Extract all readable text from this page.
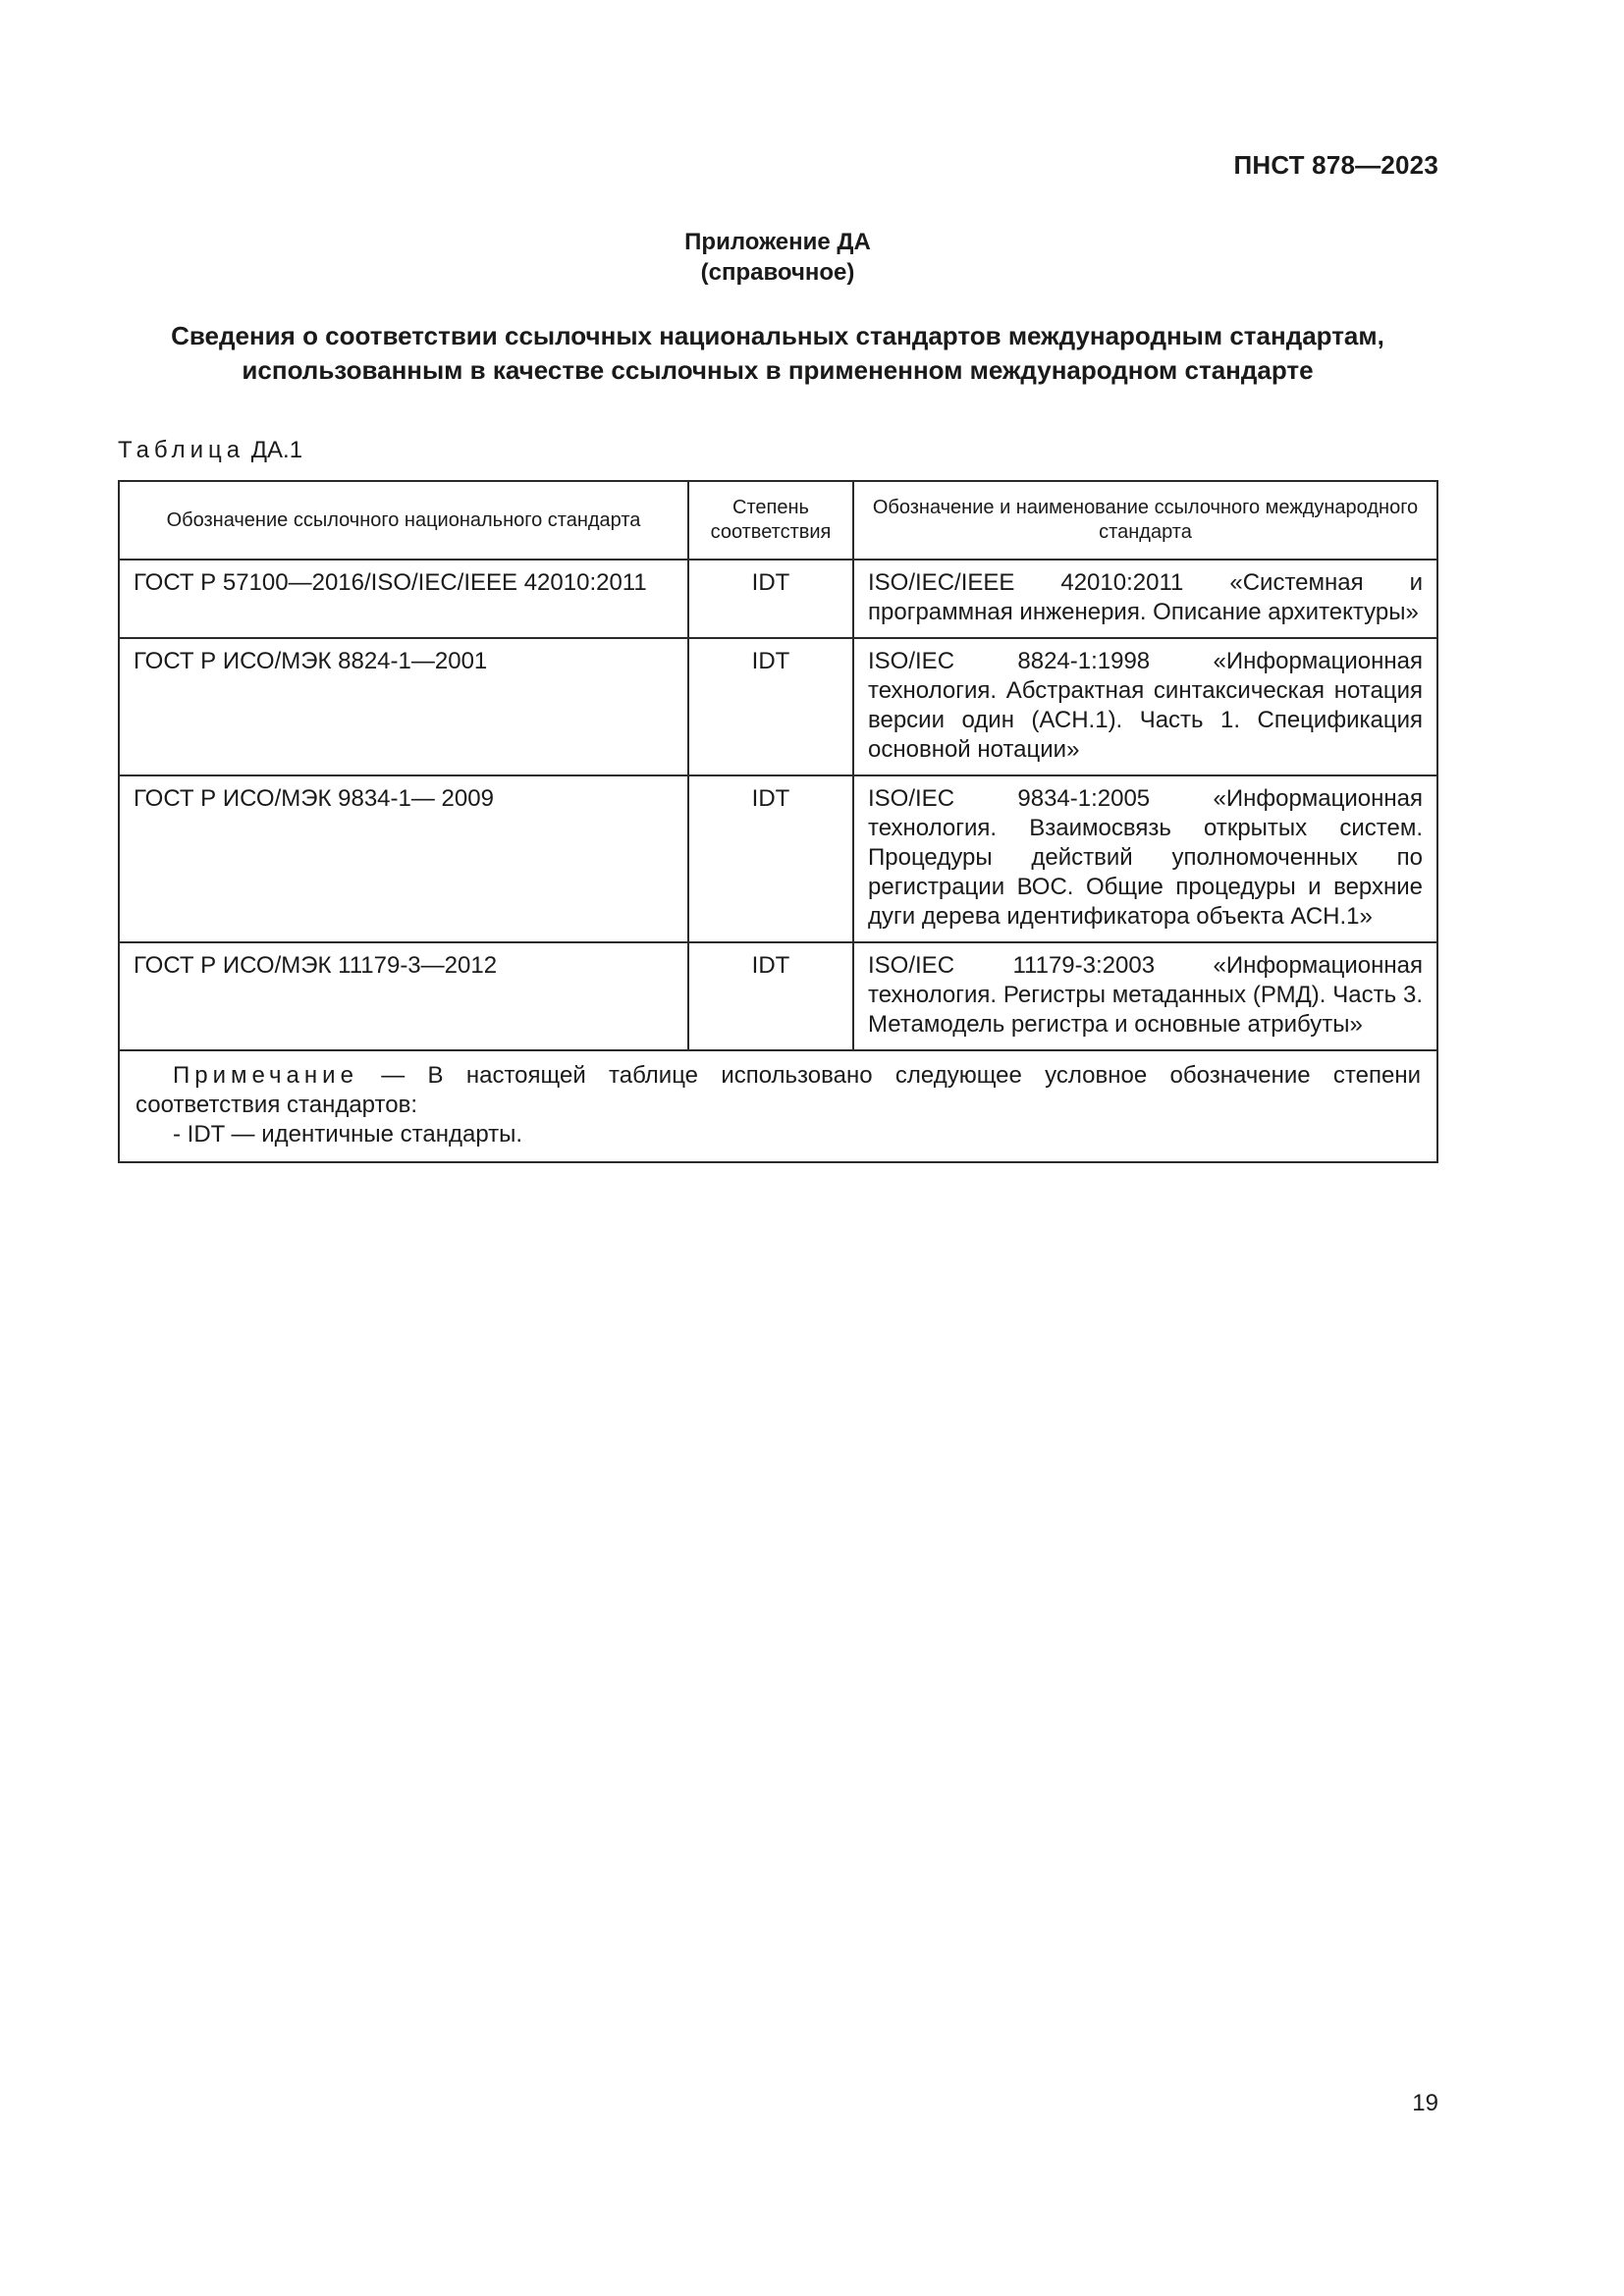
ПНСТ 878—2023
Приложение ДА
(справочное)
Сведения о соответствии ссылочных национальных стандартов международным стандартам,
использованным в качестве ссылочных в примененном международном стандарте
Таблица ДА.1
Обозначение ссылочного национального стандарта	Степень соответствия	Обозначение и наименование ссылочного международного стандарта
ГОСТ Р 57100—2016/ISO/IEC/IEEE 42010:2011	IDT	ISO/IEC/IEEE 42010:2011 «Системная и программная инженерия. Описание архитектуры»
ГОСТ Р ИСО/МЭК 8824-1—2001	IDT	ISO/IEC 8824-1:1998 «Информационная технология. Абстрактная синтаксическая нотация версии один (АСН.1). Часть 1. Спецификация основной нотации»
ГОСТ Р ИСО/МЭК 9834-1— 2009	IDT	ISO/IEC 9834-1:2005 «Информационная технология. Взаимосвязь открытых систем. Процедуры действий уполномоченных по регистрации ВОС. Общие процедуры и верхние дуги дерева идентификатора объекта АСН.1»
ГОСТ Р ИСО/МЭК 11179-3—2012	IDT	ISO/IEC 11179-3:2003 «Информационная технология. Регистры метаданных (РМД). Часть 3. Метамодель регистра и основные атрибуты»
Примечание — В настоящей таблице использовано следующее условное обозначение степени соответствия стандартов:
- IDT — идентичные стандарты.		
19
